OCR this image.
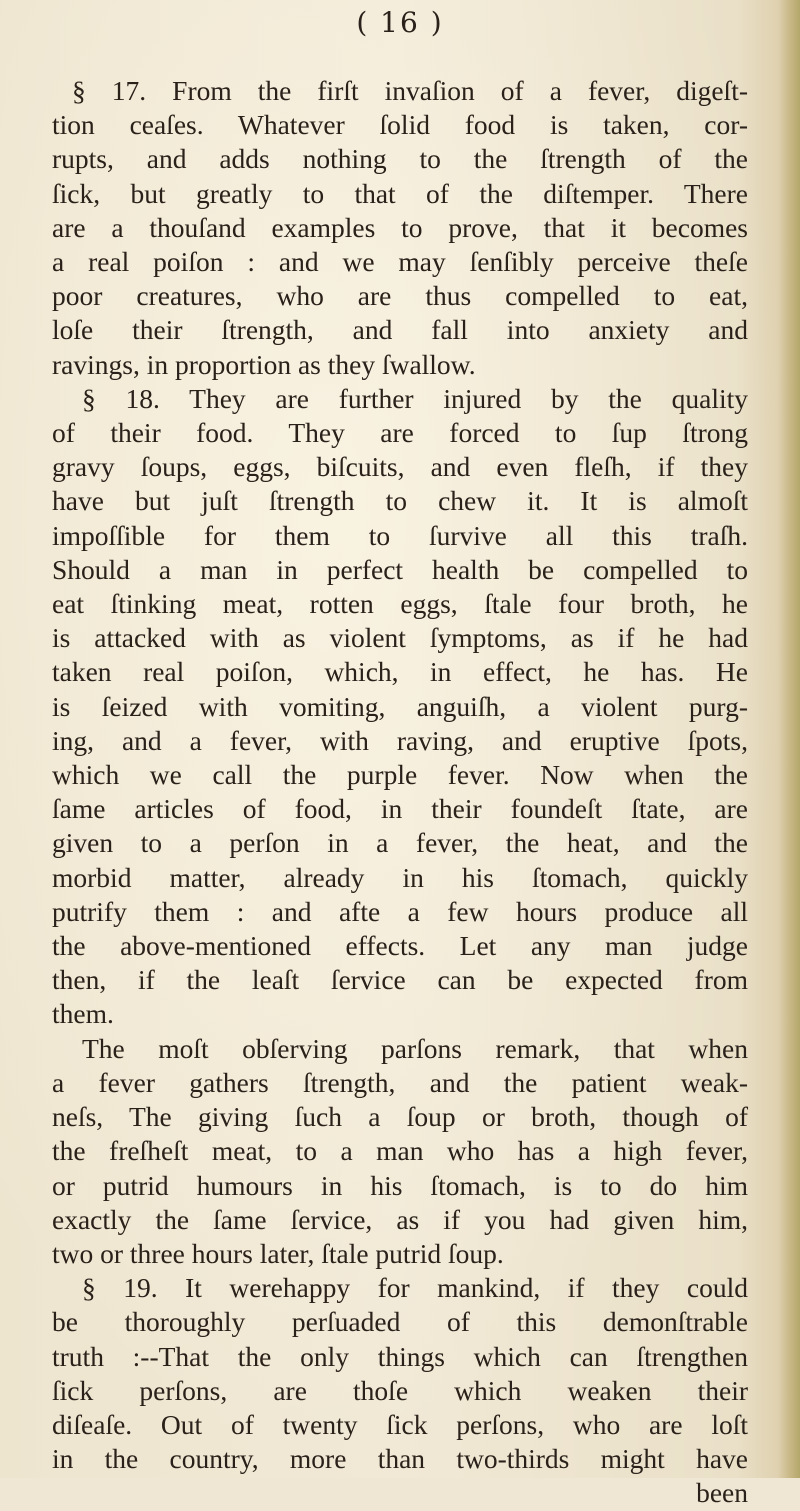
( 16 )
§ 17. From the firſt invaſion of a fever, digeſt-
tion ceaſes. Whatever ſolid food is taken, cor-
rupts, and adds nothing to the ſtrength of the
ſick, but greatly to that of the diſtemper. There
are a thouſand examples to prove, that it becomes
a real poiſon : and we may ſenſibly perceive theſe
poor creatures, who are thus compelled to eat,
loſe their ſtrength, and fall into anxiety and
ravings, in proportion as they ſwallow.
§ 18. They are further injured by the quality
of their food. They are forced to ſup ſtrong
gravy ſoups, eggs, biſcuits, and even fleſh, if they
have but juſt ſtrength to chew it. It is almoſt
impoſſible for them to ſurvive all this traſh.
Should a man in perfect health be compelled to
eat ſtinking meat, rotten eggs, ſtale four broth, he
is attacked with as violent ſymptoms, as if he had
taken real poiſon, which, in effect, he has. He
is ſeized with vomiting, anguiſh, a violent purg-
ing, and a fever, with raving, and eruptive ſpots,
which we call the purple fever. Now when the
ſame articles of food, in their foundeſt ſtate, are
given to a perſon in a fever, the heat, and the
morbid matter, already in his ſtomach, quickly
putrify them : and afte a few hours produce all
the above-mentioned effects. Let any man judge
then, if the leaſt ſervice can be expected from
them.
The moſt obſerving parſons remark, that when
a fever gathers ſtrength, and the patient weak-
neſs, The giving ſuch a ſoup or broth, though of
the freſheſt meat, to a man who has a high fever,
or putrid humours in his ſtomach, is to do him
exactly the ſame ſervice, as if you had given him,
two or three hours later, ſtale putrid ſoup.
§ 19. It werehappy for mankind, if they could
be thoroughly perſuaded of this demonſtrable
truth :--That the only things which can ſtrengthen
ſick perſons, are thoſe which weaken their
diſeaſe. Out of twenty ſick perſons, who are loſt
in the country, more than two-thirds might have
been
